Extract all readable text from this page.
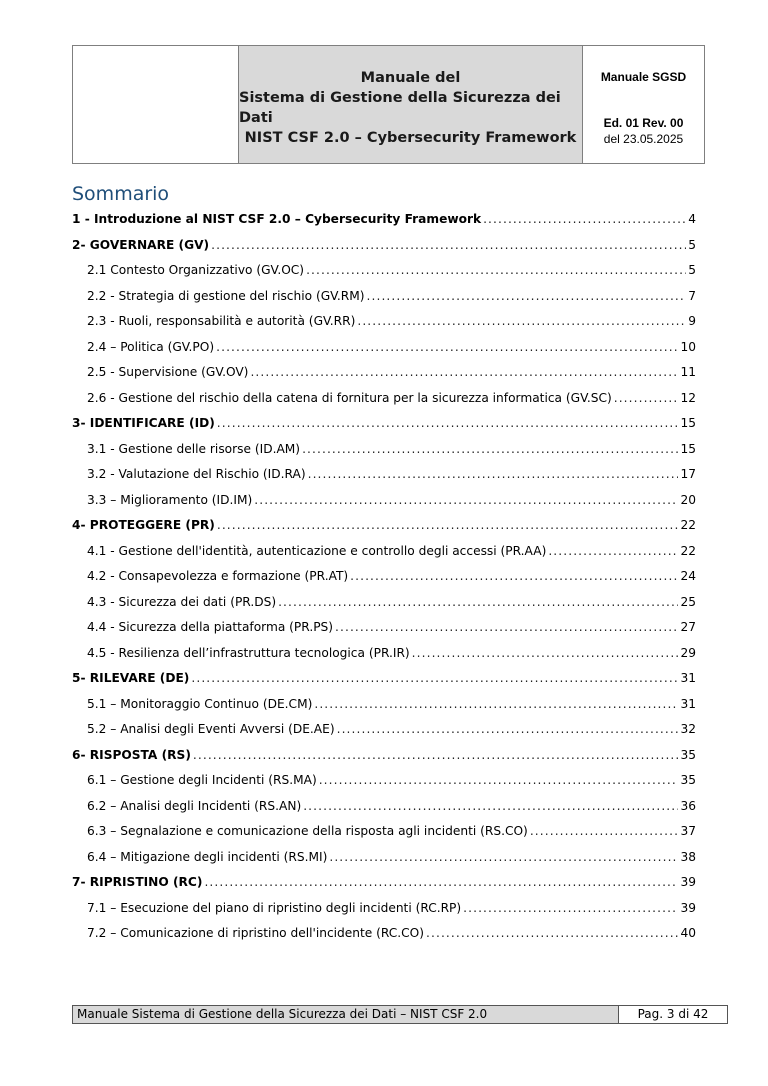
Manuale del
Sistema di Gestione della Sicurezza dei Dati
NIST CSF 2.0 – Cybersecurity Framework
Manuale SGSD
Ed. 01 Rev. 00
del 23.05.2025
Sommario
1 - Introduzione al NIST CSF 2.0 – Cybersecurity Framework .....	4
2- GOVERNARE (GV) .....	5
2.1 Contesto Organizzativo (GV.OC) .....	5
2.2 - Strategia di gestione del rischio (GV.RM) .....	7
2.3 - Ruoli, responsabilità e autorità (GV.RR) .....	9
2.4 – Politica (GV.PO) .....	10
2.5 - Supervisione (GV.OV) .....	11
2.6 - Gestione del rischio della catena di fornitura per la sicurezza informatica (GV.SC) .....	12
3- IDENTIFICARE (ID) .....	15
3.1 - Gestione delle risorse (ID.AM) .....	15
3.2 - Valutazione del Rischio (ID.RA) .....	17
3.3 – Miglioramento (ID.IM) .....	20
4- PROTEGGERE (PR) .....	22
4.1 - Gestione dell'identità, autenticazione e controllo degli accessi (PR.AA) .....	22
4.2 - Consapevolezza e formazione (PR.AT) .....	24
4.3 - Sicurezza dei dati (PR.DS) .....	25
4.4 - Sicurezza della piattaforma (PR.PS) .....	27
4.5 - Resilienza dell’infrastruttura tecnologica (PR.IR) .....	29
5- RILEVARE (DE) .....	31
5.1 – Monitoraggio Continuo (DE.CM) .....	31
5.2 – Analisi degli Eventi Avversi (DE.AE) .....	32
6- RISPOSTA (RS) .....	35
6.1 – Gestione degli Incidenti (RS.MA) .....	35
6.2 – Analisi degli Incidenti (RS.AN) .....	36
6.3 – Segnalazione e comunicazione della risposta agli incidenti (RS.CO) .....	37
6.4 – Mitigazione degli incidenti (RS.MI) .....	38
7- RIPRISTINO (RC) .....	39
7.1 – Esecuzione del piano di ripristino degli incidenti (RC.RP) .....	39
7.2 – Comunicazione di ripristino dell'incidente (RC.CO) .....	40
Manuale Sistema di Gestione della Sicurezza dei Dati – NIST CSF 2.0	Pag. 3 di 42
